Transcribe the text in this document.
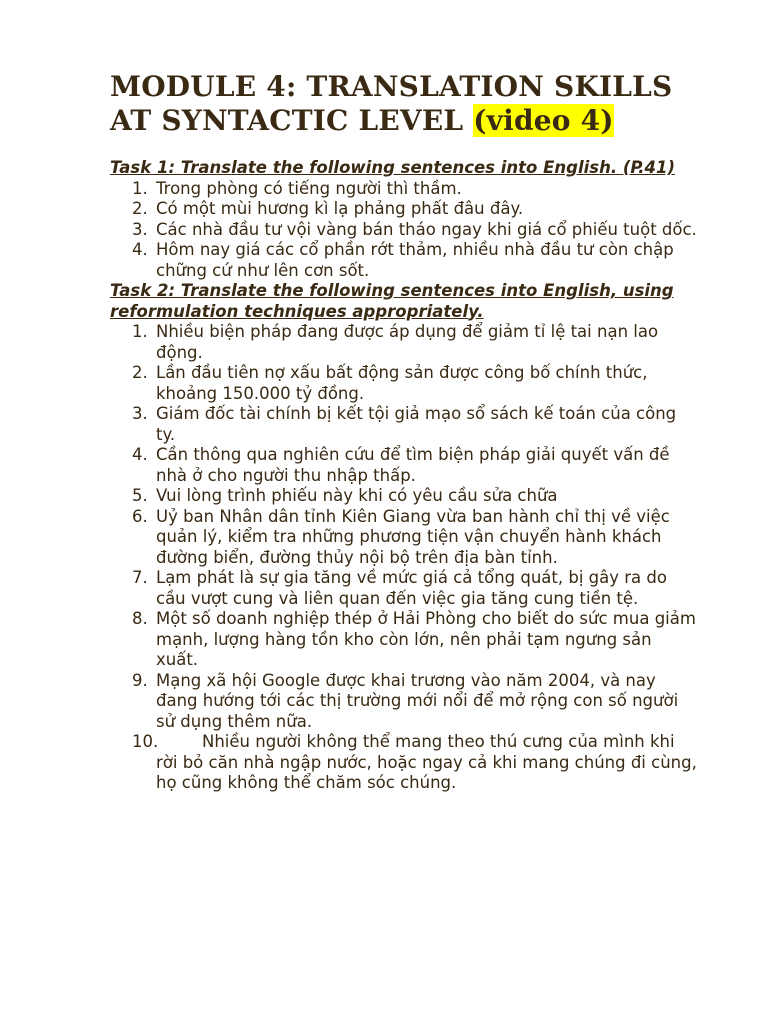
MODULE 4: TRANSLATION SKILLS AT SYNTACTIC LEVEL (video 4)

Task 1: Translate the following sentences into English. (P.41)

1. Trong phòng có tiếng người thì thầm.
2. Có một mùi hương kì lạ phảng phất đâu đây.
3. Các nhà đầu tư vội vàng bán tháo ngay khi giá cổ phiếu tuột dốc.
4. Hôm nay giá các cổ phần rớt thảm, nhiều nhà đầu tư còn chập chững cứ như lên cơn sốt.

Task 2: Translate the following sentences into English, using reformulation techniques appropriately.

1. Nhiều biện pháp đang được áp dụng để giảm tỉ lệ tai nạn lao động.
2. Lần đầu tiên nợ xấu bất động sản được công bố chính thức, khoảng 150.000 tỷ đồng.
3. Giám đốc tài chính bị kết tội giả mạo sổ sách kế toán của công ty.
4. Cần thông qua nghiên cứu để tìm biện pháp giải quyết vấn đề nhà ở cho người thu nhập thấp.
5. Vui lòng trình phiếu này khi có yêu cầu sửa chữa
6. Uỷ ban Nhân dân tỉnh Kiên Giang vừa ban hành chỉ thị về việc quản lý, kiểm tra những phương tiện vận chuyển hành khách đường biển, đường thủy nội bộ trên địa bàn tỉnh.
7. Lạm phát là sự gia tăng về mức giá cả tổng quát, bị gây ra do cầu vượt cung và liên quan đến việc gia tăng cung tiền tệ.
8. Một số doanh nghiệp thép ở Hải Phòng cho biết do sức mua giảm mạnh, lượng hàng tồn kho còn lớn, nên phải tạm ngưng sản xuất.
9. Mạng xã hội Google được khai trương vào năm 2004, và nay đang hướng tới các thị trường mới nổi để mở rộng con số người sử dụng thêm nữa.
10.	Nhiều người không thể mang theo thú cưng của mình khi rời bỏ căn nhà ngập nước, hoặc ngay cả khi mang chúng đi cùng, họ cũng không thể chăm sóc chúng.
